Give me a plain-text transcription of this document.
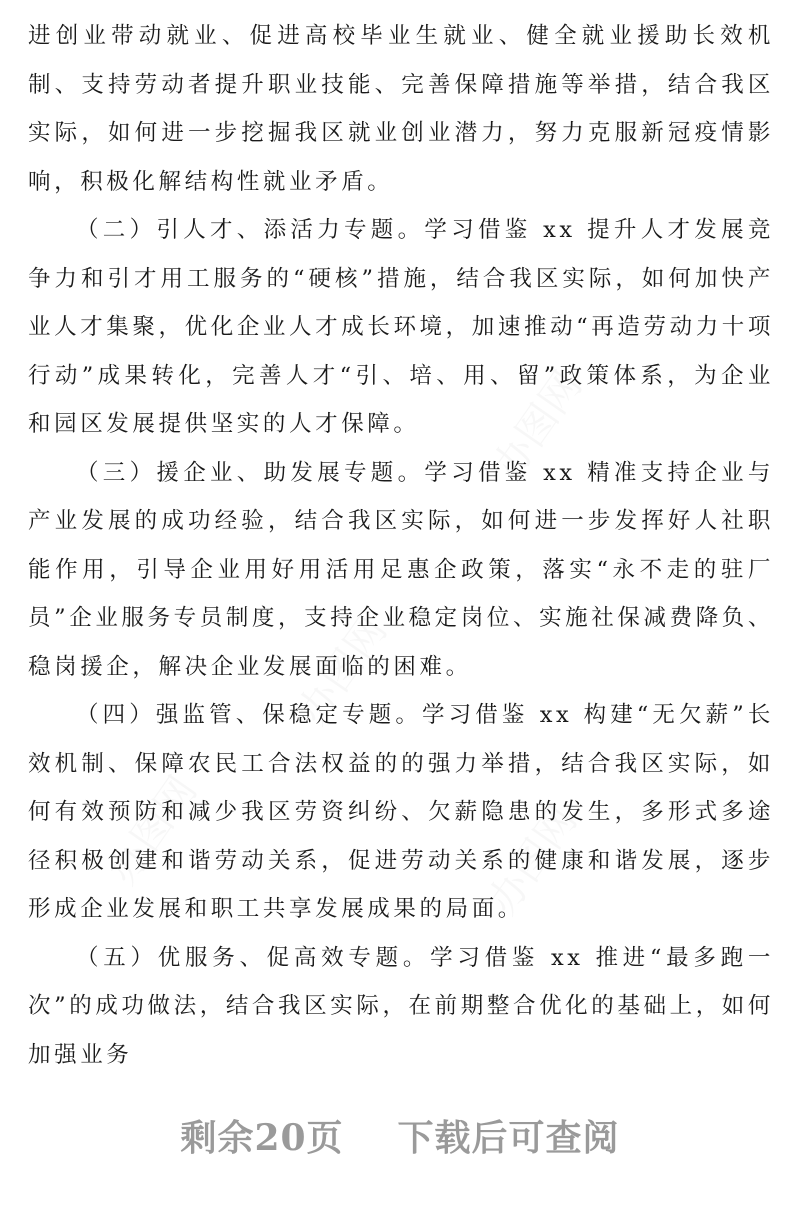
办图网
办图网
办图网	办图网

进创业带动就业、促进高校毕业生就业、健全就业援助长效机制、支持劳动者提升职业技能、完善保障措施等举措，结合我区实际，如何进一步挖掘我区就业创业潜力，努力克服新冠疫情影响，积极化解结构性就业矛盾。

（二）引人才、添活力专题。学习借鉴 xx 提升人才发展竞争力和引才用工服务的“硬核”措施，结合我区实际，如何加快产业人才集聚，优化企业人才成长环境，加速推动“再造劳动力十项行动”成果转化，完善人才“引、培、用、留”政策体系，为企业和园区发展提供坚实的人才保障。

（三）援企业、助发展专题。学习借鉴 xx 精准支持企业与产业发展的成功经验，结合我区实际，如何进一步发挥好人社职能作用，引导企业用好用活用足惠企政策，落实“永不走的驻厂员”企业服务专员制度，支持企业稳定岗位、实施社保减费降负、稳岗援企，解决企业发展面临的困难。

（四）强监管、保稳定专题。学习借鉴 xx 构建“无欠薪”长效机制、保障农民工合法权益的的强力举措，结合我区实际，如何有效预防和减少我区劳资纠纷、欠薪隐患的发生，多形式多途径积极创建和谐劳动关系，促进劳动关系的健康和谐发展，逐步形成企业发展和职工共享发展成果的局面。

（五）优服务、促高效专题。学习借鉴 xx 推进“最多跑一次”的成功做法，结合我区实际，在前期整合优化的基础上，如何加强业务

剩余20页 下载后可查阅
